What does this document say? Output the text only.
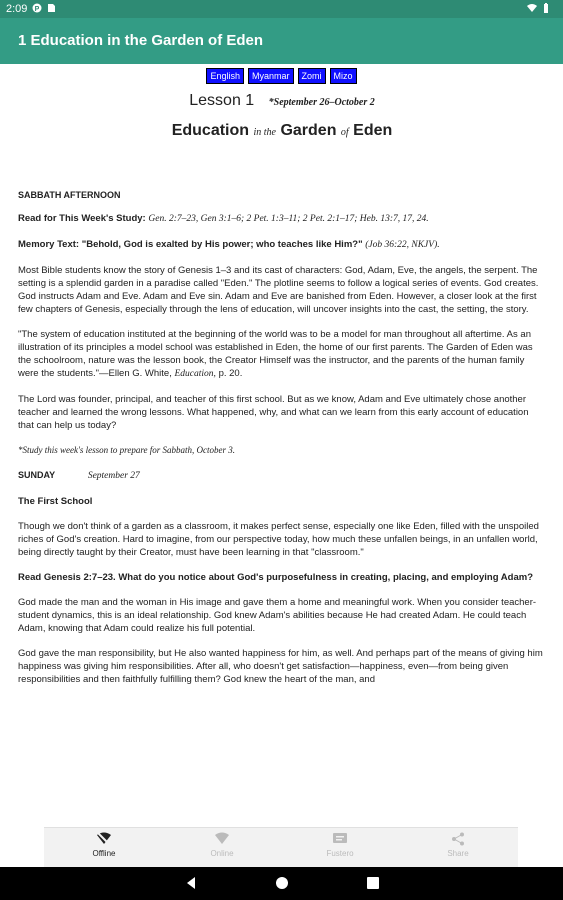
2:09 P
1 Education in the Garden of Eden
English Myanmar Zomi Mizo
Lesson 1 *September 26–October 2
Education in the Garden of Eden
SABBATH AFTERNOON

Read for This Week's Study: Gen. 2:7–23, Gen 3:1–6; 2 Pet. 1:3–11; 2 Pet. 2:1–17; Heb. 13:7, 17, 24.

Memory Text: "Behold, God is exalted by His power; who teaches like Him?" (Job 36:22, NKJV).

Most Bible students know the story of Genesis 1–3 and its cast of characters: God, Adam, Eve, the angels, the serpent. The setting is a splendid garden in a paradise called "Eden." The plotline seems to follow a logical series of events. God creates. God instructs Adam and Eve. Adam and Eve sin. Adam and Eve are banished from Eden. However, a closer look at the first few chapters of Genesis, especially through the lens of education, will uncover insights into the cast, the setting, the story.

"The system of education instituted at the beginning of the world was to be a model for man throughout all aftertime. As an illustration of its principles a model school was established in Eden, the home of our first parents. The Garden of Eden was the schoolroom, nature was the lesson book, the Creator Himself was the instructor, and the parents of the human family were the students."—Ellen G. White, Education, p. 20.

The Lord was founder, principal, and teacher of this first school. But as we know, Adam and Eve ultimately chose another teacher and learned the wrong lessons. What happened, why, and what can we learn from this early account of education that can help us today?

*Study this week's lesson to prepare for Sabbath, October 3.

SUNDAY	September 27

The First School

Though we don't think of a garden as a classroom, it makes perfect sense, especially one like Eden, filled with the unspoiled riches of God's creation. Hard to imagine, from our perspective today, how much these unfallen beings, in an unfallen world, being directly taught by their Creator, must have been learning in that "classroom."

Read Genesis 2:7–23. What do you notice about God's purposefulness in creating, placing, and employing Adam?

God made the man and the woman in His image and gave them a home and meaningful work. When you consider teacher-student dynamics, this is an ideal relationship. God knew Adam's abilities because He had created Adam. He could teach Adam, knowing that Adam could realize his full potential.

God gave the man responsibility, but He also wanted happiness for him, as well. And perhaps part of the means of giving him happiness was giving him responsibilities. After all, who doesn't get satisfaction—happiness, even—from being given responsibilities and then faithfully fulfilling them? God knew the heart of the man, and

Offline	Online	Fustero	Share
